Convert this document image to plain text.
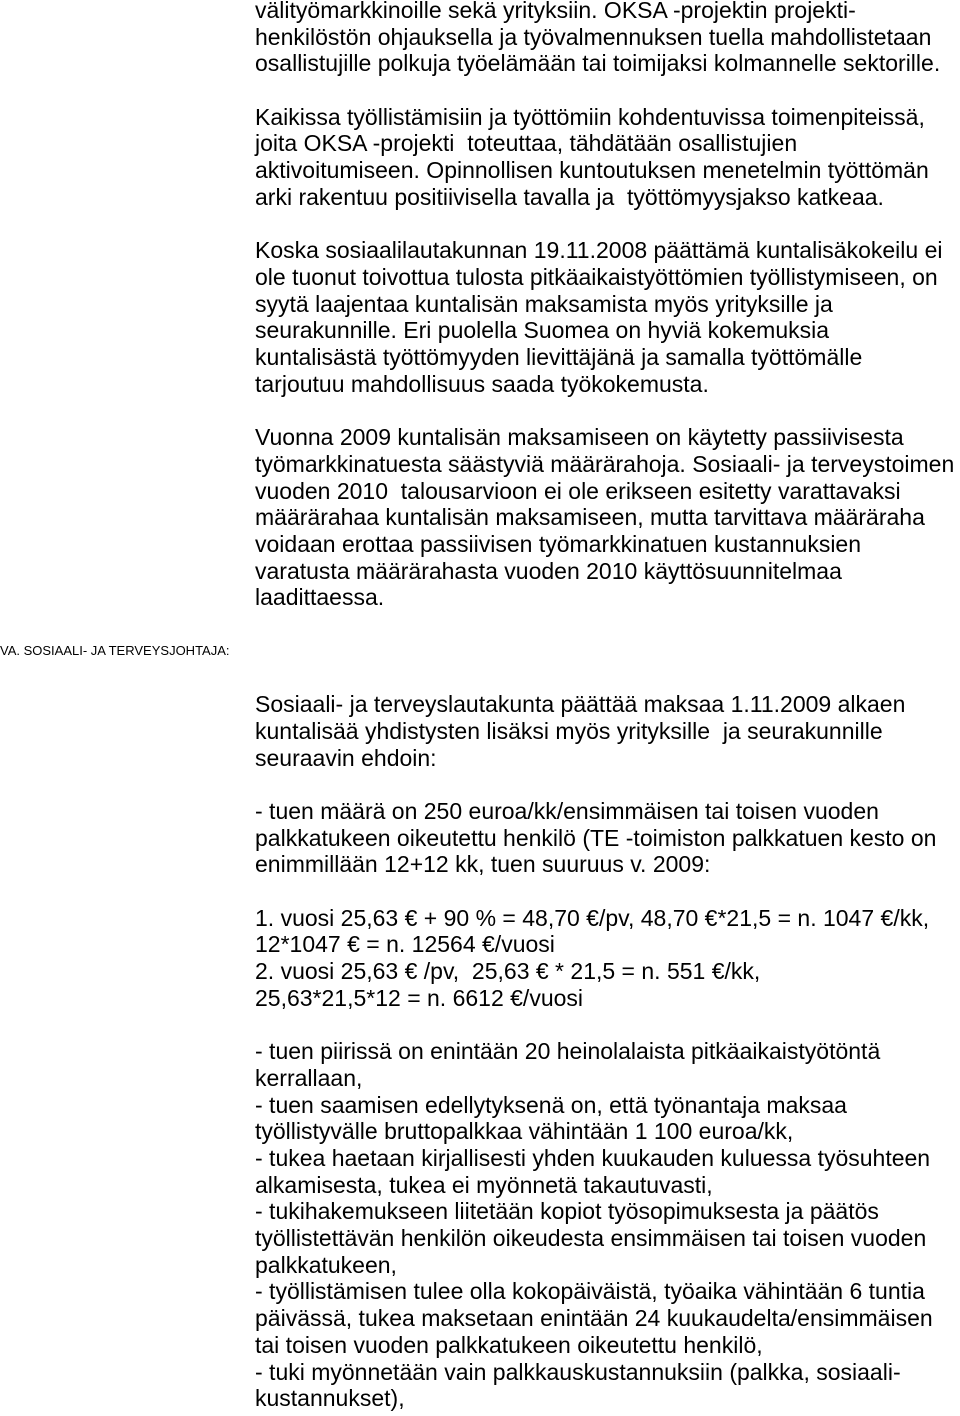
välityömarkkinoille sekä yrityksiin. OKSA -projektin projekti-
henkilöstön ohjauksella ja työvalmennuksen tuella mahdollistetaan
osallistujille polkuja työelämään tai toimijaksi kolmannelle sektorille.
Kaikissa työllistämisiin ja työttömiin kohdentuvissa toimenpiteissä,
joita OKSA -projekti  toteuttaa, tähdätään osallistujien
aktivoitumiseen. Opinnollisen kuntoutuksen menetelmin työttömän
arki rakentuu positiivisella tavalla ja  työttömyysjakso katkeaa.
Koska sosiaalilautakunnan 19.11.2008 päättämä kuntalisäkokeilu ei
ole tuonut toivottua tulosta pitkäaikaistyöttömien työllistymiseen, on
syytä laajentaa kuntalisän maksamista myös yrityksille ja
seurakunnille. Eri puolella Suomea on hyviä kokemuksia
kuntalisästä työttömyyden lievittäjänä ja samalla työttömälle
tarjoutuu mahdollisuus saada työkokemusta.
Vuonna 2009 kuntalisän maksamiseen on käytetty passiivisesta
työmarkkinatuesta säästyviä määrärahoja. Sosiaali- ja terveystoimen
vuoden 2010  talousarvioon ei ole erikseen esitetty varattavaksi
määrärahaa kuntalisän maksamiseen, mutta tarvittava määräraha
voidaan erottaa passiivisen työmarkkinatuen kustannuksien
varatusta määrärahasta vuoden 2010 käyttösuunnitelmaa
laadittaessa.
VA. SOSIAALI- JA TERVEYSJOHTAJA:
Sosiaali- ja terveyslautakunta päättää maksaa 1.11.2009 alkaen
kuntalisää yhdistysten lisäksi myös yrityksille  ja seurakunnille
seuraavin ehdoin:
- tuen määrä on 250 euroa/kk/ensimmäisen tai toisen vuoden
palkkatukeen oikeutettu henkilö (TE -toimiston palkkatuen kesto on
enimmillään 12+12 kk, tuen suuruus v. 2009:
1. vuosi 25,63 € + 90 % = 48,70 €/pv, 48,70 €*21,5 = n. 1047 €/kk,
12*1047 € = n. 12564 €/vuosi
2. vuosi 25,63 € /pv,  25,63 € * 21,5 = n. 551 €/kk,
25,63*21,5*12 = n. 6612 €/vuosi
- tuen piirissä on enintään 20 heinolalaista pitkäaikaistyötöntä
kerrallaan,
- tuen saamisen edellytyksenä on, että työnantaja maksaa
työllistyvälle bruttopalkkaa vähintään 1 100 euroa/kk,
- tukea haetaan kirjallisesti yhden kuukauden kuluessa työsuhteen
alkamisesta, tukea ei myönnetä takautuvasti,
- tukihakemukseen liitetään kopiot työsopimuksesta ja päätös
työllistettävän henkilön oikeudesta ensimmäisen tai toisen vuoden
palkkatukeen,
- työllistämisen tulee olla kokopäiväistä, työaika vähintään 6 tuntia
päivässä, tukea maksetaan enintään 24 kuukaudelta/ensimmäisen
tai toisen vuoden palkkatukeen oikeutettu henkilö,
- tuki myönnetään vain palkkauskustannuksiin (palkka, sosiaali-
kustannukset),
